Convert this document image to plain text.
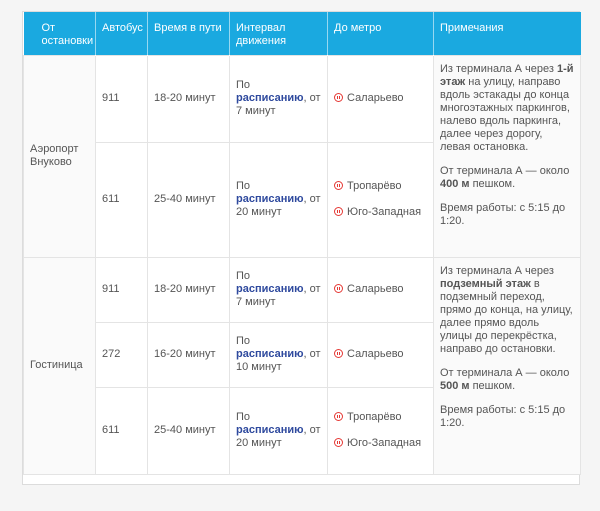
От остановки	Автобус	Время в пути	Интервал движения	До метро	Примечания
Аэропорт Внуково	911	18-20 минут	По расписанию, от 7 минут	Саларьево	Из терминала А через 1-й этаж на улицу, направо вдоль эстакады до конца многоэтажных паркингов, налево вдоль паркинга, далее через дорогу, левая остановка.

От терминала А — около 400 м пешком.

Время работы: с 5:15 до 1:20.

	611	25-40 минут	По расписанию, от 20 минут	Тропарёво
Юго-Западная	

Гостиница	911	18-20 минут	По расписанию, от 7 минут	Саларьево	Из терминала А через подземный этаж в подземный переход, прямо до конца, на улицу, далее прямо вдоль улицы до перекрёстка, направо до остановки.

От терминала А — около 500 м пешком.

Время работы: с 5:15 до 1:20.

	272	16-20 минут	По расписанию, от 10 минут	Саларьево	

	611	25-40 минут	По расписанию, от 20 минут	Тропарёво
Юго-Западная	
